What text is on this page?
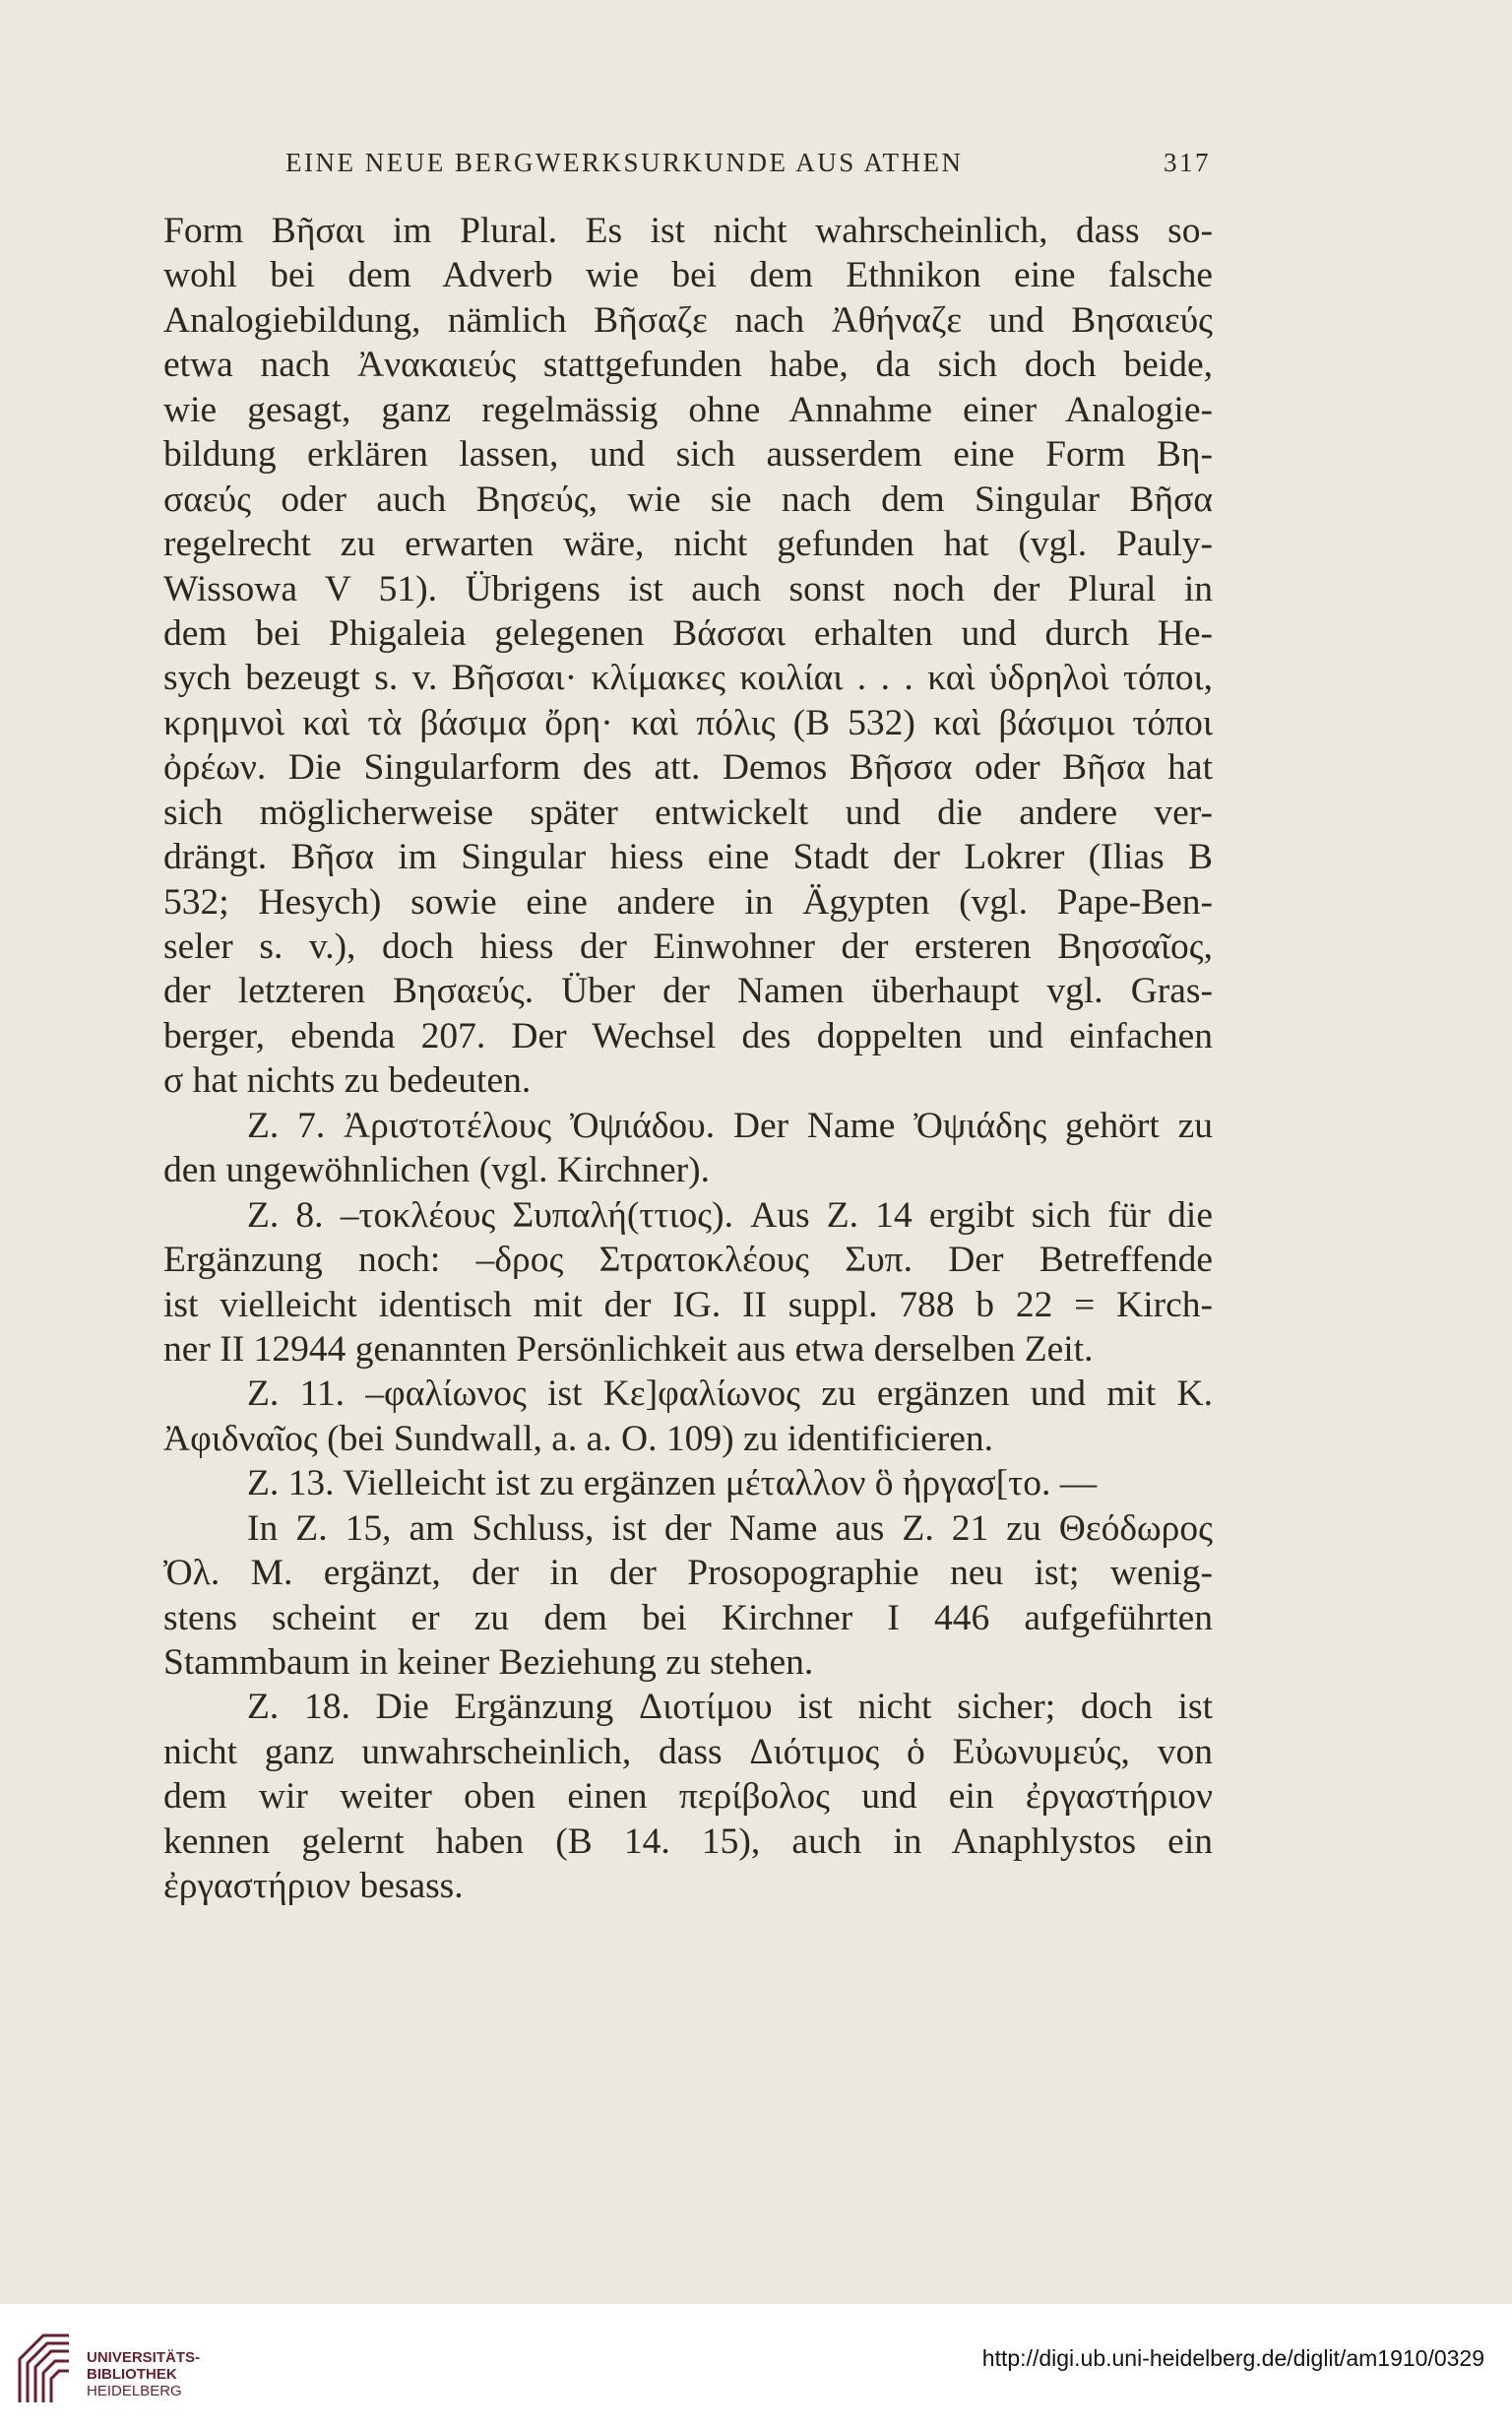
EINE NEUE BERGWERKSURKUNDE AUS ATHEN	317
Form Βῆσαι im Plural. Es ist nicht wahrscheinlich, dass so-
wohl bei dem Adverb wie bei dem Ethnikon eine falsche
Analogiebildung, nämlich Βῆσαζε nach Ἀθήναζε und Βησαιεύς
etwa nach Ἀνακαιεύς stattgefunden habe, da sich doch beide,
wie gesagt, ganz regelmässig ohne Annahme einer Analogie-
bildung erklären lassen, und sich ausserdem eine Form Βη-
σαεύς oder auch Βησεύς, wie sie nach dem Singular Βῆσα
regelrecht zu erwarten wäre, nicht gefunden hat (vgl. Pauly-
Wissowa V 51). Übrigens ist auch sonst noch der Plural in
dem bei Phigaleia gelegenen Βάσσαι erhalten und durch He-
sych bezeugt s. v. Βῆσσαι· κλίμακες κοιλίαι . . . καὶ ὑδρηλοὶ τόποι,
κρημνοὶ καὶ τὰ βάσιμα ὄρη· καὶ πόλις (Β 532) καὶ βάσιμοι τόποι
ὀρέων. Die Singularform des att. Demos Βῆσσα oder Βῆσα hat
sich möglicherweise später entwickelt und die andere ver-
drängt. Βῆσα im Singular hiess eine Stadt der Lokrer (Ilias B
532; Hesych) sowie eine andere in Ägypten (vgl. Pape-Ben-
seler s. v.), doch hiess der Einwohner der ersteren Βησσαῖος,
der letzteren Βησαεύς. Über der Namen überhaupt vgl. Gras-
berger, ebenda 207. Der Wechsel des doppelten und einfachen
σ hat nichts zu bedeuten.
Z. 7. Ἀριστοτέλους Ὀψιάδου. Der Name Ὀψιάδης gehört zu
den ungewöhnlichen (vgl. Kirchner).
Z. 8. –τοκλέους Συπαλή(ττιος). Aus Z. 14 ergibt sich für die
Ergänzung noch: –δρος Στρατοκλέους Συπ. Der Betreffende
ist vielleicht identisch mit der IG. II suppl. 788 b 22 = Kirch-
ner II 12944 genannten Persönlichkeit aus etwa derselben Zeit.
Z. 11. –φαλίωνος ist Κε]φαλίωνος zu ergänzen und mit K.
Ἀφιδναῖος (bei Sundwall, a. a. O. 109) zu identificieren.
Z. 13. Vielleicht ist zu ergänzen μέταλλον ὃ ἠργασ[το. —
In Z. 15, am Schluss, ist der Name aus Z. 21 zu Θεόδωρος
Ὀλ. M. ergänzt, der in der Prosopographie neu ist; wenig-
stens scheint er zu dem bei Kirchner I 446 aufgeführten
Stammbaum in keiner Beziehung zu stehen.
Z. 18. Die Ergänzung Διοτίμου ist nicht sicher; doch ist
nicht ganz unwahrscheinlich, dass Διότιμος ὁ Εὐωνυμεύς, von
dem wir weiter oben einen περίβολος und ein ἐργαστήριον
kennen gelernt haben (B 14. 15), auch in Anaphlystos ein
ἐργαστήριον besass.
UNIVERSITÄTS-
BIBLIOTHEK
HEIDELBERG
http://digi.ub.uni-heidelberg.de/diglit/am1910/0329
